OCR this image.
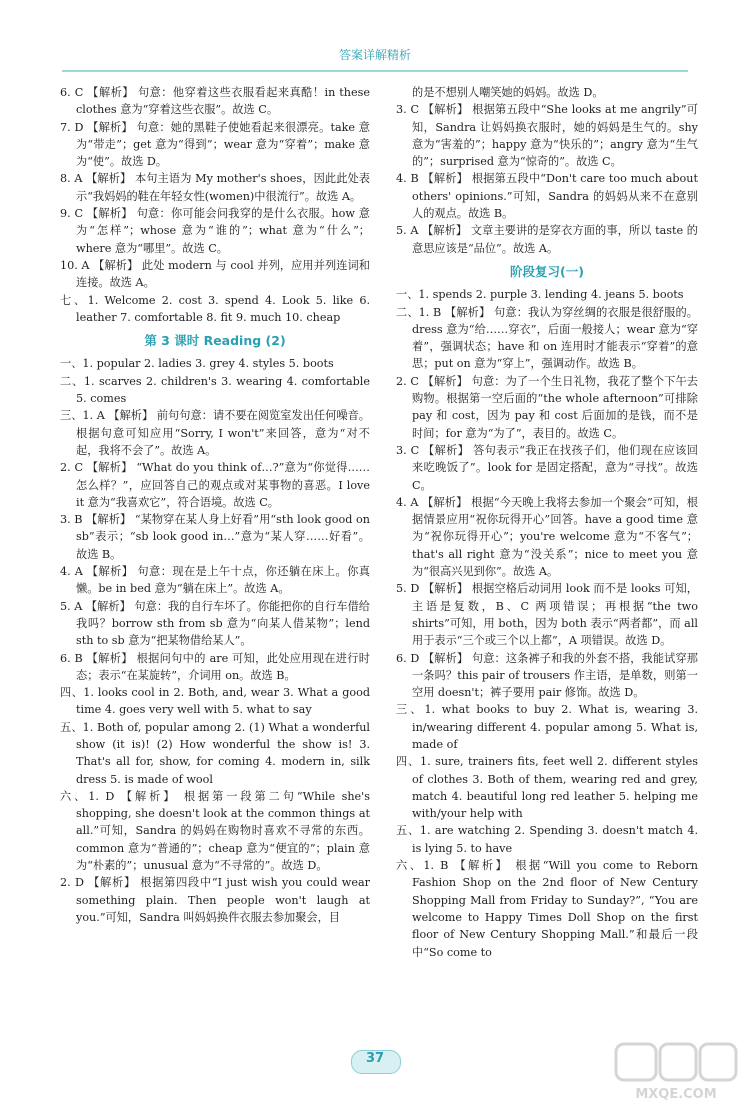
答案详解精析

6. C 【解析】 句意：他穿着这些衣服看起来真酷！in these clothes 意为“穿着这些衣服”。故选 C。

7. D 【解析】 句意：她的黑鞋子使她看起来很漂亮。take 意为“带走”；get 意为“得到”；wear 意为“穿着”；make 意为“使”。故选 D。

8. A 【解析】 本句主语为 My mother's shoes，因此此处表示“我妈妈的鞋在年轻女性(women)中很流行”。故选 A。

9. C 【解析】 句意：你可能会问我穿的是什么衣服。how 意为“怎样”；whose 意为“谁的”；what 意为“什么”；where 意为“哪里”。故选 C。

10. A 【解析】 此处 modern 与 cool 并列，应用并列连词和连接。故选 A。

七、1. Welcome 2. cost 3. spend 4. Look 5. like 6. leather 7. comfortable 8. fit 9. much 10. cheap

第 3 课时 Reading (2)

一、1. popular 2. ladies 3. grey 4. styles 5. boots

二、1. scarves 2. children's 3. wearing 4. comfortable 5. comes

三、1. A 【解析】 前句句意：请不要在阅览室发出任何噪音。根据句意可知应用“Sorry, I won't”来回答，意为“对不起，我将不会了”。故选 A。

2. C 【解析】 “What do you think of…?”意为“你觉得……怎么样？”，应回答自己的观点或对某事物的喜恶。I love it 意为“我喜欢它”，符合语境。故选 C。

3. B 【解析】 “某物穿在某人身上好看”用“sth look good on sb”表示；“sb look good in…”意为“某人穿……好看”。故选 B。

4. A 【解析】 句意：现在是上午十点，你还躺在床上。你真懒。be in bed 意为“躺在床上”。故选 A。

5. A 【解析】 句意：我的自行车坏了。你能把你的自行车借给我吗？borrow sth from sb 意为“向某人借某物”；lend sth to sb 意为“把某物借给某人”。

6. B 【解析】 根据问句中的 are 可知，此处应用现在进行时态；表示“在某旋转”，介词用 on。故选 B。

四、1. looks cool in 2. Both, and, wear 3. What a good time 4. goes very well with 5. what to say

五、1. Both of, popular among 2. (1) What a wonderful show (it is)! (2) How wonderful the show is! 3. That's all for, show, for coming 4. modern in, silk dress 5. is made of wool

六、1. D 【解析】 根据第一段第二句“While she's shopping, she doesn't look at the common things at all.”可知，Sandra 的妈妈在购物时喜欢不寻常的东西。common 意为“普通的”；cheap 意为“便宜的”；plain 意为“朴素的”；unusual 意为“不寻常的”。故选 D。

2. D 【解析】 根据第四段中“I just wish you could wear something plain. Then people won't laugh at you.”可知，Sandra 叫妈妈换件衣服去参加聚会，目

的是不想别人嘲笑她的妈妈。故选 D。

3. C 【解析】 根据第五段中“She looks at me angrily”可知，Sandra 让妈妈换衣服时，她的妈妈是生气的。shy 意为“害羞的”；happy 意为“快乐的”；angry 意为“生气的”；surprised 意为“惊奇的”。故选 C。

4. B 【解析】 根据第五段中“Don't care too much about others' opinions.”可知，Sandra 的妈妈从来不在意别人的观点。故选 B。

5. A 【解析】 文章主要讲的是穿衣方面的事，所以 taste 的意思应该是“品位”。故选 A。

阶段复习(一)

一、1. spends 2. purple 3. lending 4. jeans 5. boots

二、1. B 【解析】 句意：我认为穿丝绸的衣服是很舒服的。dress 意为“给……穿衣”，后面一般接人；wear 意为“穿着”，强调状态；have 和 on 连用时才能表示“穿着”的意思；put on 意为“穿上”，强调动作。故选 B。

2. C 【解析】 句意：为了一个生日礼物，我花了整个下午去购物。根据第一空后面的“the whole afternoon”可排除 pay 和 cost，因为 pay 和 cost 后面加的是钱，而不是时间；for 意为“为了”，表目的。故选 C。

3. C 【解析】 答句表示“我正在找孩子们，他们现在应该回来吃晚饭了”。look for 是固定搭配，意为“寻找”。故选 C。

4. A 【解析】 根据“今天晚上我将去参加一个聚会”可知，根据情景应用“祝你玩得开心”回答。have a good time 意为“祝你玩得开心”；you're welcome 意为“不客气”；that's all right 意为“没关系”；nice to meet you 意为“很高兴见到你”。故选 A。

5. D 【解析】 根据空格后动词用 look 而不是 looks 可知，主语是复数，B、C 两项错误；再根据“the two shirts”可知，用 both，因为 both 表示“两者都”，而 all 用于表示“三个或三个以上都”，A 项错误。故选 D。

6. D 【解析】 句意：这条裤子和我的外套不搭，我能试穿那一条吗？this pair of trousers 作主语，是单数，则第一空用 doesn't；裤子要用 pair 修饰。故选 D。

三、1. what books to buy 2. What is, wearing 3. in/wearing different 4. popular among 5. What is, made of

四、1. sure, trainers fits, feet well 2. different styles of clothes 3. Both of them, wearing red and grey, match 4. beautiful long red leather 5. helping me with/your help with

五、1. are watching 2. Spending 3. doesn't match 4. is lying 5. to have

六、1. B 【解析】 根据“Will you come to Reborn Fashion Shop on the 2nd floor of New Century Shopping Mall from Friday to Sunday?”, “You are welcome to Happy Times Doll Shop on the first floor of New Century Shopping Mall.”和最后一段中“So come to

37
MXQE.COM
